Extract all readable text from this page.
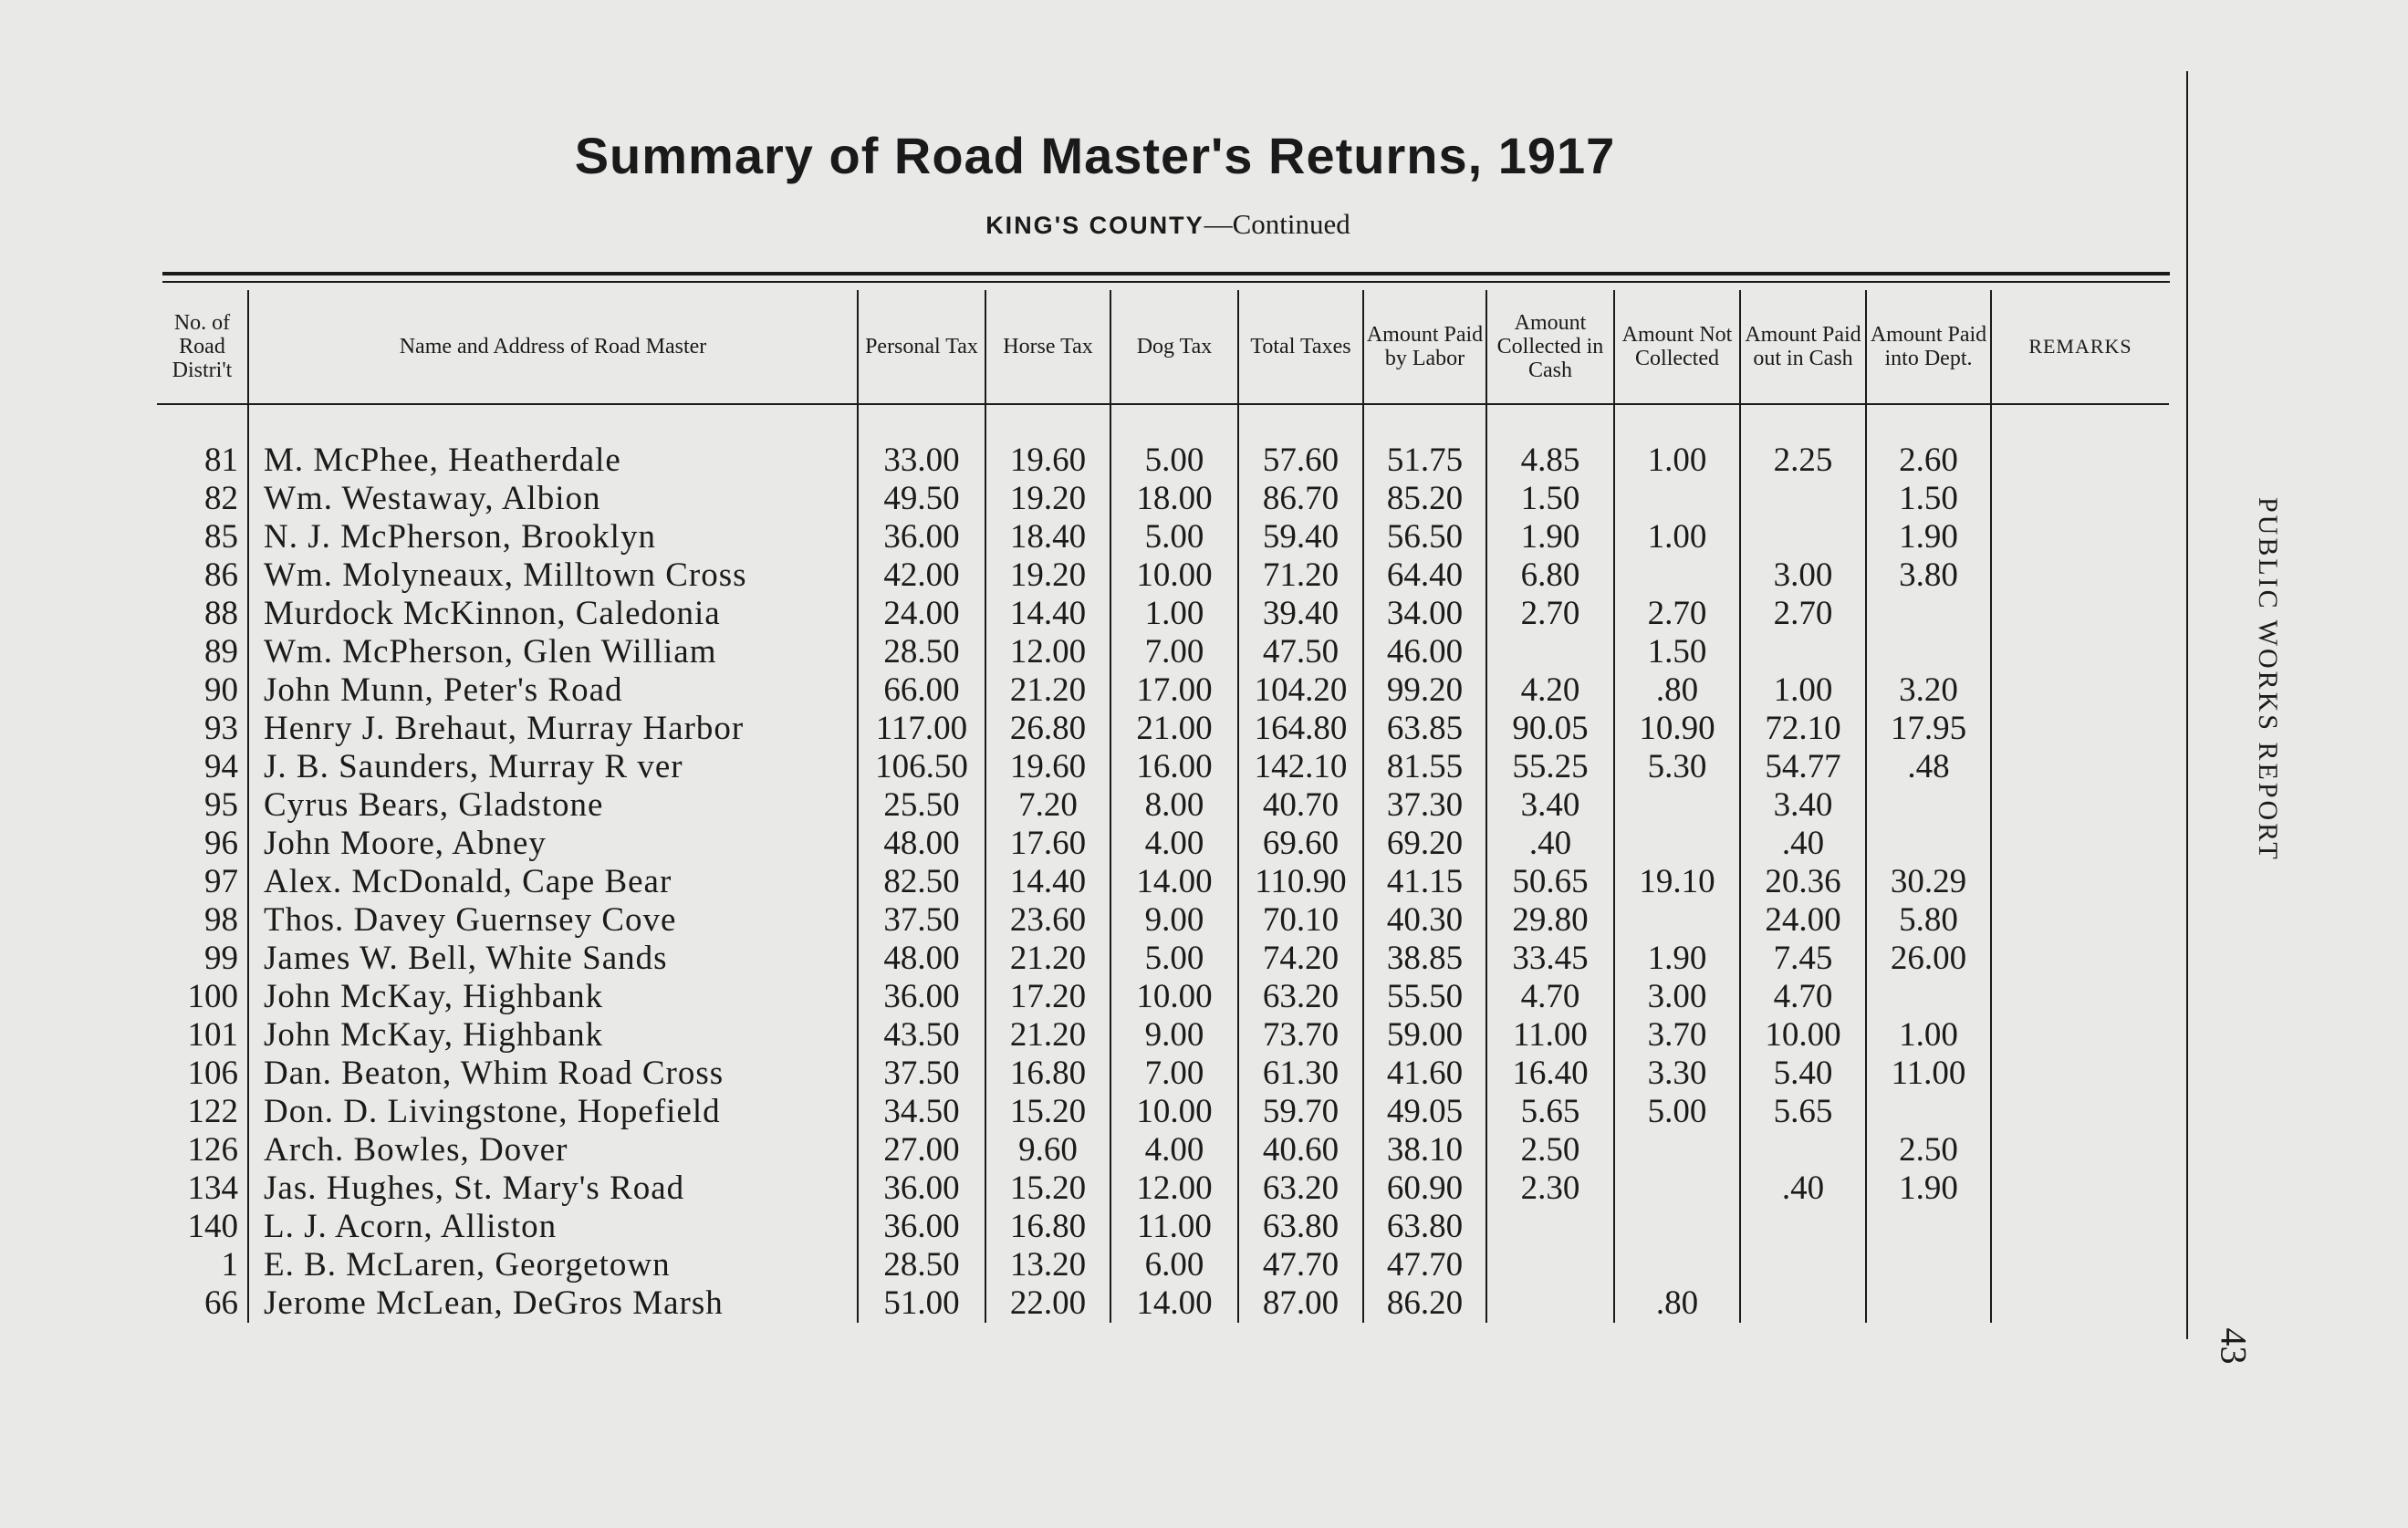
Summary of Road Master's Returns, 1917
KING'S COUNTY—Continued
PUBLIC WORKS REPORT
43
No. of Road Distri't	Name and Address of Road Master	Personal Tax	Horse Tax	Dog Tax	Total Taxes	Amount Paid by Labor	Amount Collected in Cash	Amount Not Collected	Amount Paid out in Cash	Amount Paid into Dept.	REMARKS
81	M. McPhee, Heatherdale	33.00	19.60	5.00	57.60	51.75	4.85	1.00	2.25	2.60	
82	Wm. Westaway, Albion	49.50	19.20	18.00	86.70	85.20	1.50			1.50	
85	N. J. McPherson, Brooklyn	36.00	18.40	5.00	59.40	56.50	1.90	1.00		1.90	
86	Wm. Molyneaux, Milltown Cross	42.00	19.20	10.00	71.20	64.40	6.80		3.00	3.80	
88	Murdock McKinnon, Caledonia	24.00	14.40	1.00	39.40	34.00	2.70	2.70	2.70		
89	Wm. McPherson, Glen William	28.50	12.00	7.00	47.50	46.00		1.50			
90	John Munn, Peter's Road	66.00	21.20	17.00	104.20	99.20	4.20	.80	1.00	3.20	
93	Henry J. Brehaut, Murray Harbor	117.00	26.80	21.00	164.80	63.85	90.05	10.90	72.10	17.95	
94	J. B. Saunders, Murray R ver	106.50	19.60	16.00	142.10	81.55	55.25	5.30	54.77	.48	
95	Cyrus Bears, Gladstone	25.50	7.20	8.00	40.70	37.30	3.40		3.40		
96	John Moore, Abney	48.00	17.60	4.00	69.60	69.20	.40		.40		
97	Alex. McDonald, Cape Bear	82.50	14.40	14.00	110.90	41.15	50.65	19.10	20.36	30.29	
98	Thos. Davey Guernsey Cove	37.50	23.60	9.00	70.10	40.30	29.80		24.00	5.80	
99	James W. Bell, White Sands	48.00	21.20	5.00	74.20	38.85	33.45	1.90	7.45	26.00	
100	John McKay, Highbank	36.00	17.20	10.00	63.20	55.50	4.70	3.00	4.70		
101	John McKay, Highbank	43.50	21.20	9.00	73.70	59.00	11.00	3.70	10.00	1.00	
106	Dan. Beaton, Whim Road Cross	37.50	16.80	7.00	61.30	41.60	16.40	3.30	5.40	11.00	
122	Don. D. Livingstone, Hopefield	34.50	15.20	10.00	59.70	49.05	5.65	5.00	5.65		
126	Arch. Bowles, Dover	27.00	9.60	4.00	40.60	38.10	2.50			2.50	
134	Jas. Hughes, St. Mary's Road	36.00	15.20	12.00	63.20	60.90	2.30		.40	1.90	
140	L. J. Acorn, Alliston	36.00	16.80	11.00	63.80	63.80					
1	E. B. McLaren, Georgetown	28.50	13.20	6.00	47.70	47.70					
66	Jerome McLean, DeGros Marsh	51.00	22.00	14.00	87.00	86.20		.80			
